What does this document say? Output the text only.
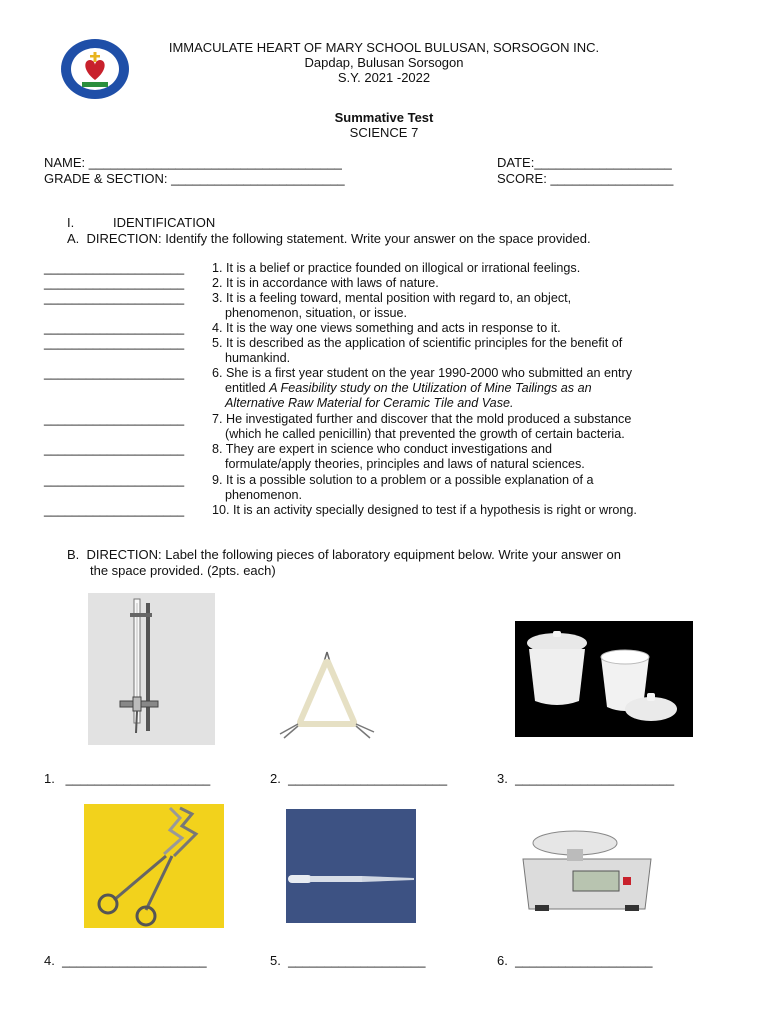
IMMACULATE HEART OF MARY SCHOOL BULUSAN, SORSOGON INC.
Dapdap, Bulusan Sorsogon
S.Y. 2021 -2022
Summative Test
SCIENCE 7
NAME: ___________________________________	DATE:___________________
GRADE & SECTION: ________________________	SCORE: _________________
I.	IDENTIFICATION
A.  DIRECTION: Identify the following statement. Write your answer on the space provided.
____________________ 1. It is a belief or practice founded on illogical or irrational feelings.
____________________ 2. It is in accordance with laws of nature.
____________________ 3. It is a feeling toward, mental position with regard to, an object,
phenomenon, situation, or issue.
____________________ 4. It is the way one views something and acts in response to it.
____________________ 5. It is described as the application of scientific principles for the benefit of
humankind.
____________________ 6. She is a first year student on the year 1990-2000 who submitted an entry
entitled A Feasibility study on the Utilization of Mine Tailings as an
Alternative Raw Material for Ceramic Tile and Vase.
____________________ 7. He investigated further and discover that the mold produced a substance
(which he called penicillin) that prevented the growth of certain bacteria.
____________________ 8. They are expert in science who conduct investigations and
formulate/apply theories, principles and laws of natural sciences.
____________________ 9. It is a possible solution to a problem or a possible explanation of a
phenomenon.
____________________ 10. It is an activity specially designed to test if a hypothesis is right or wrong.
B.  DIRECTION: Label the following pieces of laboratory equipment below. Write your answer on
the space provided. (2pts. each)
1.   ____________________	2.  ______________________	3.  ______________________
4.  ____________________	5.  ___________________	6.  ___________________
